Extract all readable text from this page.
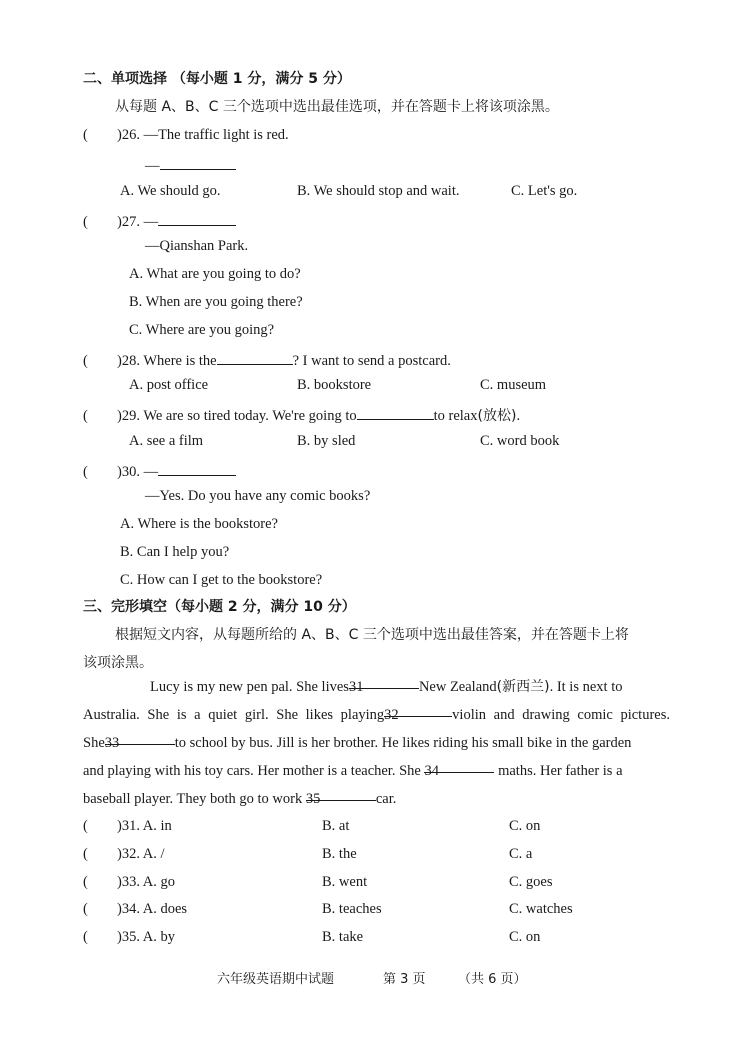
二、单项选择 （每小题 1 分，满分 5 分）
从每题 A、B、C 三个选项中选出最佳选项，并在答题卡上将该项涂黑。
( )26. —The traffic light is red.
—
A. We should go.	B. We should stop and wait.	C. Let's go.
( )27. —
—Qianshan Park.
A. What are you going to do?
B. When are you going there?
C. Where are you going?
( )28. Where is the	? I want to send a postcard.
A. post office	B. bookstore	C. museum
( )29. We are so tired today. We're going to	to relax(放松).
A. see a film	B. by sled	C. word book
( )30. —
—Yes. Do you have any comic books?
A. Where is the bookstore?
B. Can I help you?
C. How can I get to the bookstore?
三、完形填空（每小题 2 分，满分 10 分）
根据短文内容，从每题所给的 A、B、C 三个选项中选出最佳答案，并在答题卡上将
该项涂黑。
Lucy is my new pen pal. She lives31	New Zealand(新西兰). It is next to
Australia. She is a quiet girl. She likes playing32	violin and drawing comic pictures.
She33	to school by bus. Jill is her brother. He likes riding his small bike in the garden
and playing with his toy cars. Her mother is a teacher. She 34	maths. Her father is a
baseball player. They both go to work 35	car.
( )31. A. in	B. at	C. on
( )32. A. /	B. the	C. a
( )33. A. go	B. went	C. goes
( )34. A. does	B. teaches	C. watches
( )35. A. by	B. take	C. on
六年级英语期中试题	第 3 页 （共 6 页）
